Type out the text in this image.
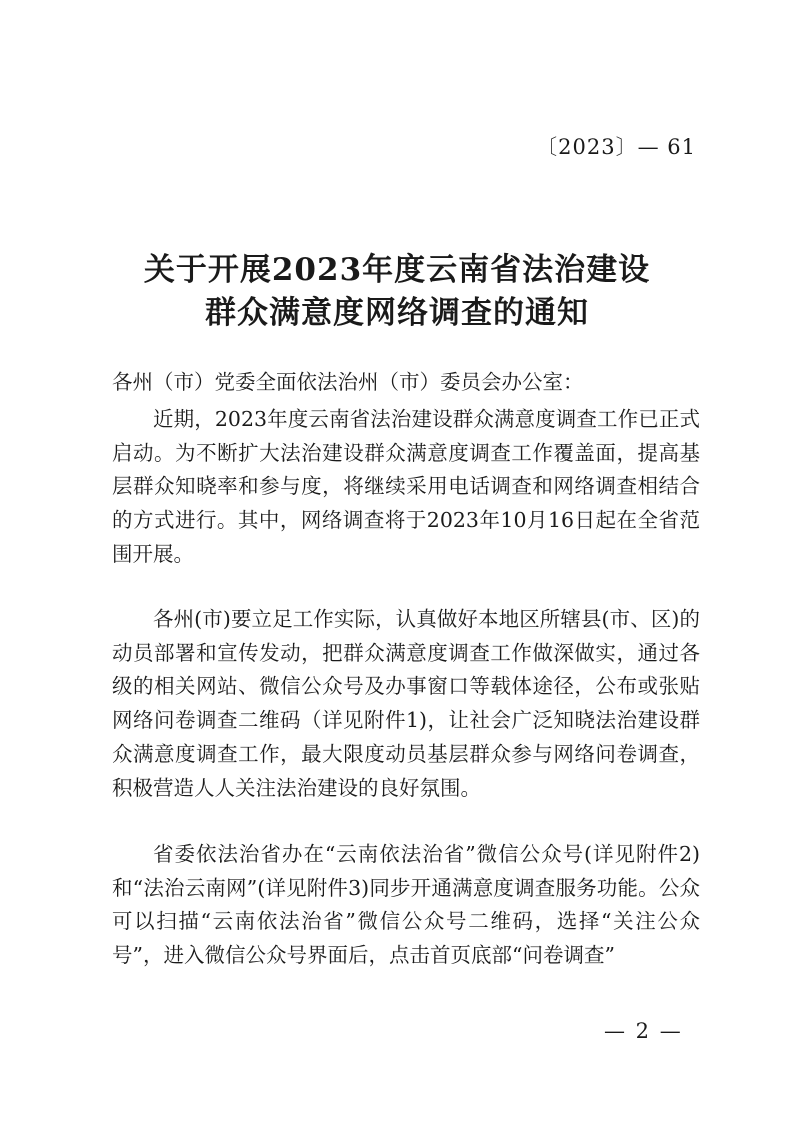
〔2023〕— 61
关于开展2023年度云南省法治建设
群众满意度网络调查的通知
各州（市）党委全面依法治州（市）委员会办公室：
近期，2023年度云南省法治建设群众满意度调查工作已正式启动。为不断扩大法治建设群众满意度调查工作覆盖面，提高基层群众知晓率和参与度，将继续采用电话调查和网络调查相结合的方式进行。其中，网络调查将于2023年10月16日起在全省范围开展。
各州(市)要立足工作实际，认真做好本地区所辖县(市、区)的动员部署和宣传发动，把群众满意度调查工作做深做实，通过各级的相关网站、微信公众号及办事窗口等载体途径，公布或张贴网络问卷调查二维码（详见附件1)，让社会广泛知晓法治建设群众满意度调查工作，最大限度动员基层群众参与网络问卷调查，积极营造人人关注法治建设的良好氛围。
省委依法治省办在“云南依法治省”微信公众号(详见附件2)和“法治云南网”(详见附件3)同步开通满意度调查服务功能。公众可以扫描“云南依法治省”微信公众号二维码，选择“关注公众号”，进入微信公众号界面后，点击首页底部“问卷调查”
— 2 —
